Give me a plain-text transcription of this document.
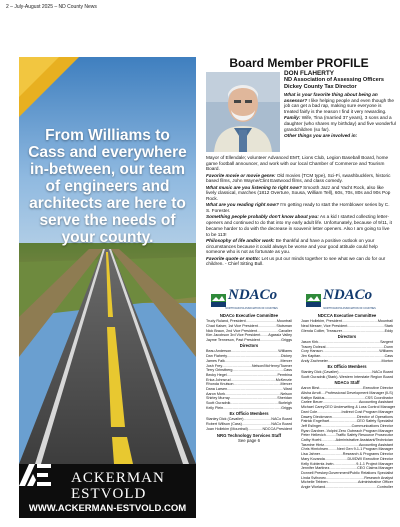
2 – July-August 2025 – ND County News
From Williams to Cass and everywhere in-between, our team of engineers and architects are here to serve the needs of your county.
ACKERMAN
ESTVOLD
WWW.ACKERMAN-ESTVOLD.COM
Board Member PROFILE
DON FLAHERTY
ND Association of Assessing Officers
Dickey County Tax Director

What is your favorite thing about being an assessor? I like helping people and even though the job can get a bad rap, making sure everyone is treated fairly is the reason I find it very rewarding.

Family: Wife, Tina (married 37 years), 3 sons and a daughter (who shares my birthday) and five wonderful grandchildren (so far).

Other things you are involved in:

Mayor of Ellendale; volunteer Advanced EMT, Lions Club, Legion Baseball Board, home game football announcer, and work with our local Chamber of Commerce and Tourism Board.

Favorite movie or movie genre: Old movies (TCM type), Sci-Fi, swashbucklers, historic based films, John Wayne/Clint Eastwood films, and class comedy.

What music are you listening to right now? Smooth Jazz and Yacht Rock, also like lively classical, marches (1812 Overture, Sousa, William Tell), 60s, 70s, 80s and 90s Pop Rock.

What are you reading right now? I'm getting ready to start the Hornblower series by C. S. Forester.

Something people probably don't know about you: As a kid I started collecting letter-openers and continued to do that into my early adult life. Unfortunately, because of 9/11, it became harder to do with the decrease in souvenir letter openers. Also I am going to live to be 113!

Philosophy of life and/or work: Be thankful and have a positive outlook on your circumstances because it could always be worse and your good attitude could help someone who is not as fortunate as you.

Favorite quote or motto: Let us put our minds together to see what we can do for our children. - Chief Sitting Bull.

NDACo
NORTH DAKOTA ASSOCIATION OF COUNTIES
NDACo Executive Committee
Trudy Ruland, President .....	Mountrail
Chad Kaiser, 1st Vice President .....	Stutsman
Nick Braun, 2nd Vice President .....	Cavalier
Kim Jacobson 3rd Vice President ..... Agassiz Valley
Jayme Tenneson, Past President .....	Griggs
Directors
Beau Anderson .....	Williams
Dan Flaherty .....	Dickey
James Falk .....	Mercer
Josh Frey .....	Nelson/McHenry/Towner
Terry Grinstberg .....	Cass
Becky Hegel .....	Pembina
Erica Johnsrud .....	McKenzie
Rhonda Knutson .....	Mercer
Dana Larsen .....	Ward
Aaron Mork .....	Nelson
Shirley Murray .....	Sheridan
Scott Ouradnik .....	Burleigh
Kelly Plein .....	Griggs
Ex Officio Members
Stanley Dick (Cavalier) .....	NACo Board
Robert Willson (Cass) .....	NACo Board
Joan Hollekim (Mountrail) .....	NDCCA President
NRG Technology Services Staff
See page 6
NDACo
NORTH DAKOTA ASSOCIATION OF COUNTIES
NDCCA Executive Committee
Joan Hollekim, President .....	Mountrail
Neal Messer, Vice President .....	Stark
Glenda Collier, Treasurer .....	Eddy
Directors
Jason Kirk .....	Sargent
Tracey Dolezal .....	Dunn
Cory Hanson .....	Williams
Jim Kapitan .....	Cass
Andy Zachmeier .....	Morton
Ex Officio Members
Stanley Dick (Cavalier) .....	NACo Board
Scott Ouradnik (Stark) ..... Western Interstate Region Board
NDACo Staff
Aaron Birst .....	Executive Director
Alisha Arndt ..... Professional Development Manager (ILS)
Kaitlyn Baldus .....	CSS Coordinator
Carlee Beuer .....	Accounting Assistant
Michael Carey CEO Underwriting & Loss Control Manager
Dani Cole .....	Indirect Cost Program Manager
Dawny Dieckmann .....	Director of Operations
Patrick Engelhart .....	CEO Safety Specialist
Jeff Eslinger .....	Communications Director
Ryan Gardner ..... Volpini Zero Outreach Program Manager
Peter Hellevich .....	Traffic Safety Resource Prosecutor
Cathy Hoehl .....	Administrative Assistant/Technician
Tasmine Hintz .....	Accounting Assistant
Chris Hinrichsen ..... Next Gen 9-1-1 Program Manager
Lisa Jahner .....	Research & Programs Director
Mary Kovanda .....	DUI/DWI Executive Director
Kelly Koblentz-Irwin .....	9-1-1 Project Manager
Jennifer Martinez .....	CEO Claims Manager
Donnell Preskey ..... Government/Public Relations Specialist
Linda Svihovec .....	Research Analyst
Michelle Tebben .....	Administrative Officer
Angie Worland .....	Controller
